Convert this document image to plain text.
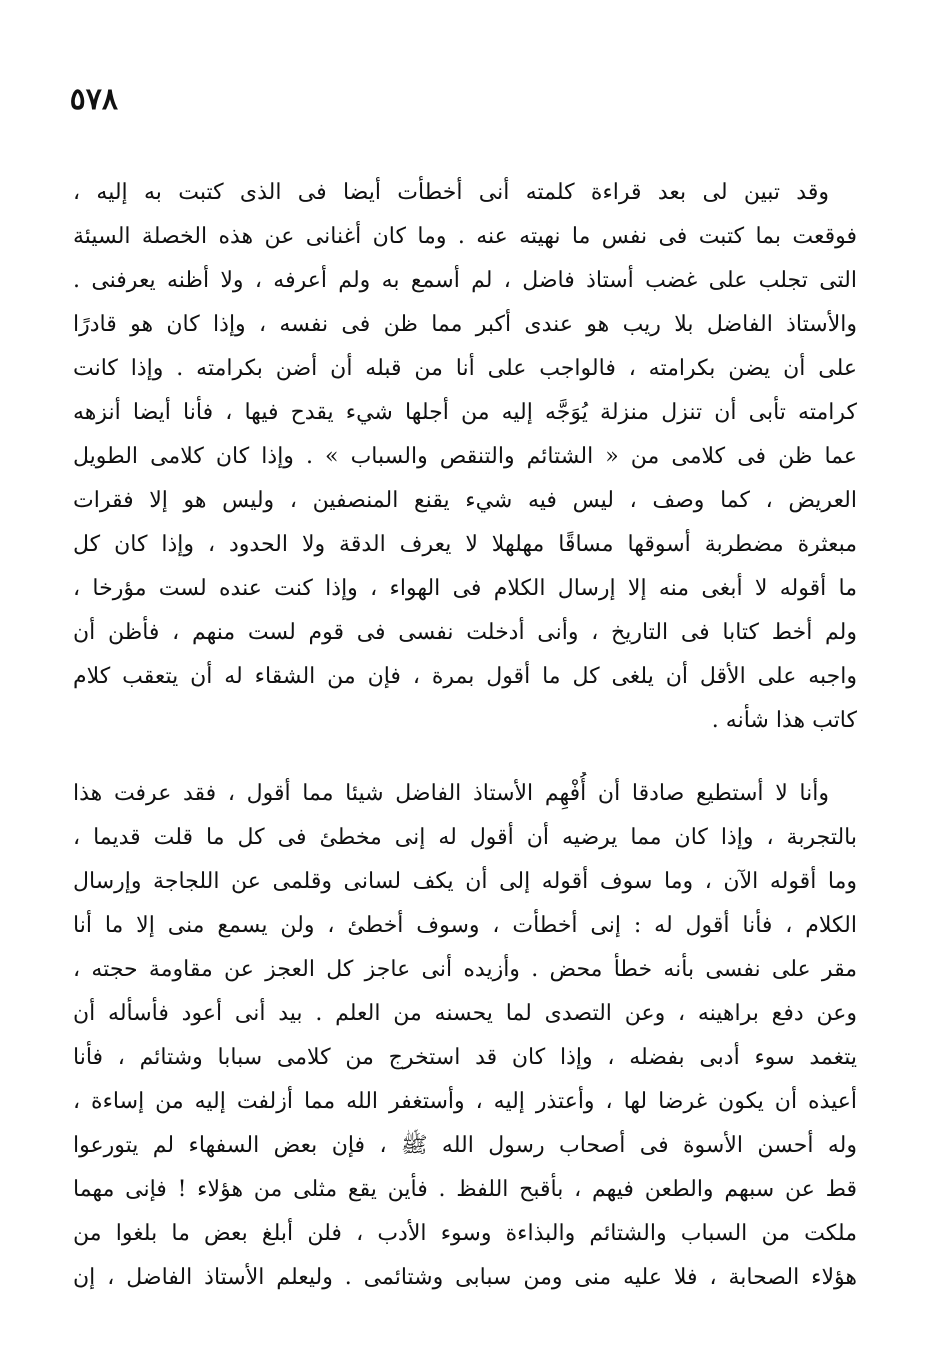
٥٧٨
وقد تبين لى بعد قراءة كلمته أنى أخطأت أيضا فى الذى كتبت به إليه ،
فوقعت بما كتبت فى نفس ما نهيته عنه . وما كان أغنانى عن هذه الخصلة السيئة
التى تجلب على غضب أستاذ فاضل ، لم أسمع به ولم أعرفه ، ولا أظنه يعرفنى .
والأستاذ الفاضل بلا ريب هو عندى أكبر مما ظن فى نفسه ، وإذا كان هو قادرًا
على أن يضن بكرامته ، فالواجب على أنا من قبله أن أضن بكرامته . وإذا كانت
كرامته تأبى أن تنزل منزلة يُوَجَّه إليه من أجلها شيء يقدح فيها ، فأنا أيضا أنزهه
عما ظن فى كلامى من « الشتائم والتنقص والسباب » . وإذا كان كلامى الطويل
العريض ، كما وصف ، ليس فيه شيء يقنع المنصفين ، وليس هو إلا فقرات
مبعثرة مضطربة أسوقها مساقًا مهلهلا لا يعرف الدقة ولا الحدود ، وإذا كان كل
ما أقوله لا أبغى منه إلا إرسال الكلام فى الهواء ، وإذا كنت عنده لست مؤرخا ،
ولم أخط كتابا فى التاريخ ، وأنى أدخلت نفسى فى قوم لست منهم ، فأظن أن
واجبه على الأقل أن يلغى كل ما أقول بمرة ، فإن من الشقاء له أن يتعقب كلام
كاتب هذا شأنه .
وأنا لا أستطيع صادقا أن أُفْهِم الأستاذ الفاضل شيئا مما أقول ، فقد عرفت هذا
بالتجربة ، وإذا كان مما يرضيه أن أقول له إنى مخطئ فى كل ما قلت قديما ،
وما أقوله الآن ، وما سوف أقوله إلى أن يكف لسانى وقلمى عن اللجاجة وإرسال
الكلام ، فأنا أقول له : إنى أخطأت ، وسوف أخطئ ، ولن يسمع منى إلا ما أنا
مقر على نفسى بأنه خطأ محض . وأزيده أنى عاجز كل العجز عن مقاومة حجته ،
وعن دفع براهينه ، وعن التصدى لما يحسنه من العلم . بيد أنى أعود فأسأله أن
يتغمد سوء أدبى بفضله ، وإذا كان قد استخرج من كلامى سبابا وشتائم ، فأنا
أعيذه أن يكون غرضا لها ، وأعتذر إليه ، وأستغفر الله مما أزلفت إليه من إساءة ،
وله أحسن الأسوة فى أصحاب رسول الله ﷺ ، فإن بعض السفهاء لم يتورعوا
قط عن سبهم والطعن فيهم ، بأقبح اللفظ . فأين يقع مثلى من هؤلاء ! فإنى مهما
ملكت من السباب والشتائم والبذاءة وسوء الأدب ، فلن أبلغ بعض ما بلغوا من
هؤلاء الصحابة ، فلا عليه منى ومن سبابى وشتائمى . وليعلم الأستاذ الفاضل ، إن
